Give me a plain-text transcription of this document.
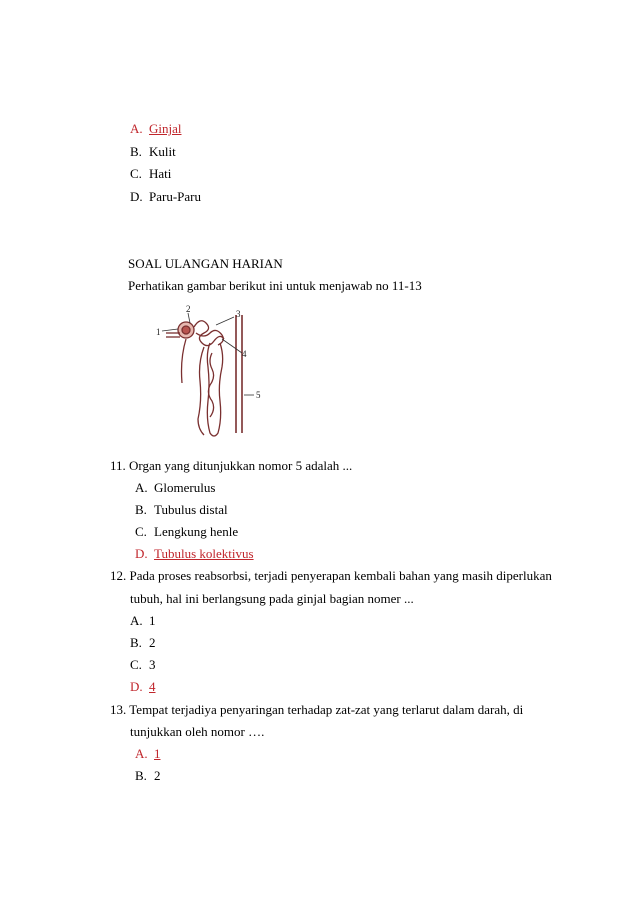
A. Ginjal
B. Kulit
C. Hati
D. Paru-Paru
SOAL ULANGAN HARIAN
Perhatikan gambar berikut ini untuk menjawab no 11-13
1
2	3
4
5
11. Organ yang ditunjukkan nomor 5 adalah ...
A. Glomerulus
B. Tubulus distal
C. Lengkung henle
D. Tubulus kolektivus
12. Pada proses reabsorbsi, terjadi penyerapan kembali bahan yang masih diperlukan
tubuh, hal ini berlangsung pada ginjal bagian nomer ...
A. 1
B. 2
C. 3
D. 4
13. Tempat terjadiya penyaringan terhadap zat-zat yang terlarut dalam darah, di
tunjukkan oleh nomor ….
A. 1
B. 2
